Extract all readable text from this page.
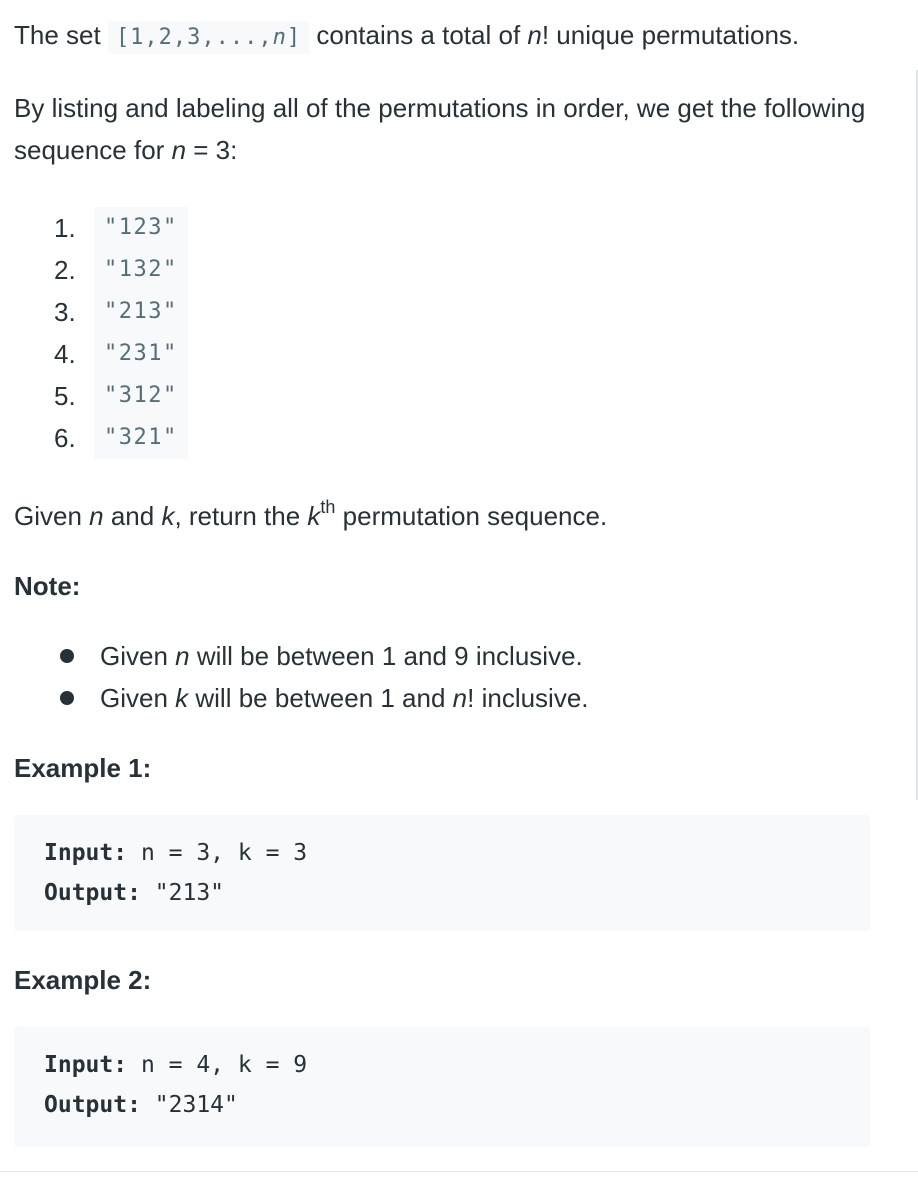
The set [1,2,3,...,n] contains a total of n! unique permutations.

By listing and labeling all of the permutations in order, we get the following sequence for n = 3:

1.	"123"
2.	"132"
3.	"213"
4.	"231"
5.	"312"
6.	"321"

Given n and k, return the $k^{th}$ permutation sequence.

Note:

Given n will be between 1 and 9 inclusive.
Given k will be between 1 and n! inclusive.

Example 1:

Input: n = 3, k = 3
Output: "213"

Example 2:

Input: n = 4, k = 9
Output: "2314"
